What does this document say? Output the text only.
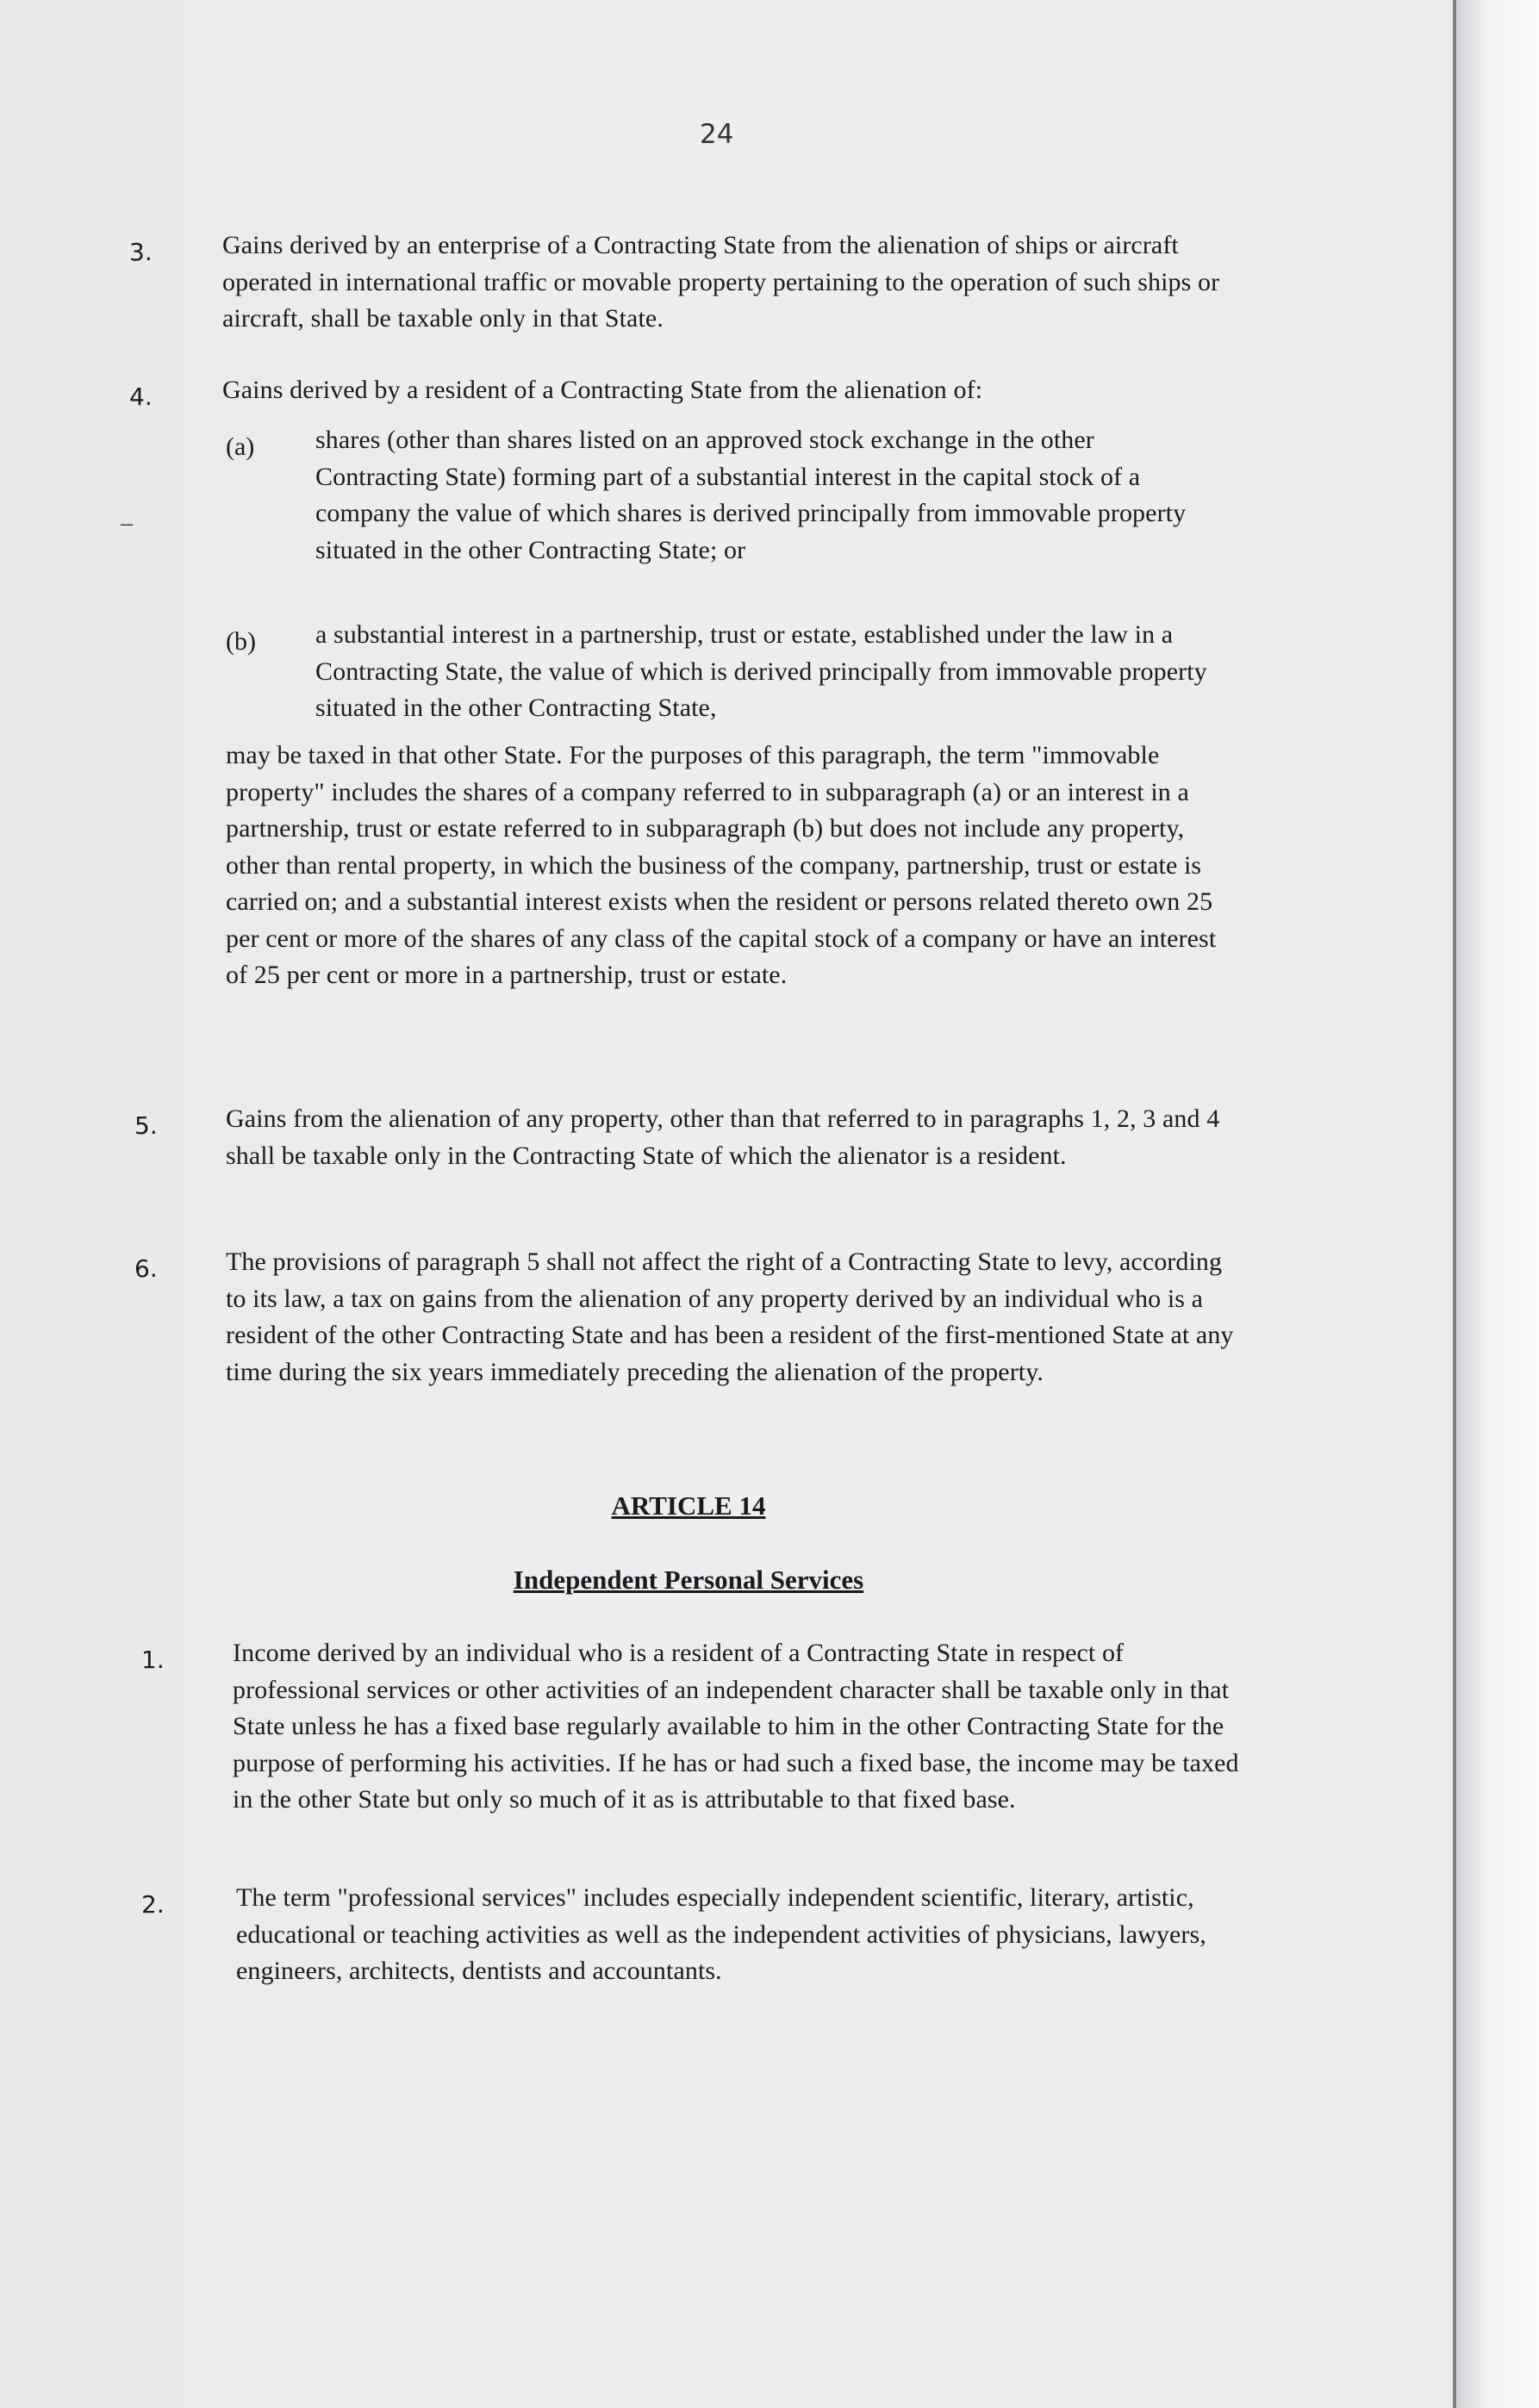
24
3.	Gains derived by an enterprise of a Contracting State from the alienation of ships or aircraft operated in international traffic or movable property pertaining to the operation of such ships or aircraft, shall be taxable only in that State.
4.	Gains derived by a resident of a Contracting State from the alienation of:
(a) shares (other than shares listed on an approved stock exchange in the other Contracting State) forming part of a substantial interest in the capital stock of a company the value of which shares is derived principally from immovable property situated in the other Contracting State; or
–
(b) a substantial interest in a partnership, trust or estate, established under the law in a Contracting State, the value of which is derived principally from immovable property situated in the other Contracting State,
may be taxed in that other State. For the purposes of this paragraph, the term "immovable property" includes the shares of a company referred to in subparagraph (a) or an interest in a partnership, trust or estate referred to in subparagraph (b) but does not include any property, other than rental property, in which the business of the company, partnership, trust or estate is carried on; and a substantial interest exists when the resident or persons related thereto own 25 per cent or more of the shares of any class of the capital stock of a company or have an interest of 25 per cent or more in a partnership, trust or estate.
5.	Gains from the alienation of any property, other than that referred to in paragraphs 1, 2, 3 and 4 shall be taxable only in the Contracting State of which the alienator is a resident.
6.	The provisions of paragraph 5 shall not affect the right of a Contracting State to levy, according to its law, a tax on gains from the alienation of any property derived by an individual who is a resident of the other Contracting State and has been a resident of the first-mentioned State at any time during the six years immediately preceding the alienation of the property.
ARTICLE 14
Independent Personal Services
1.	Income derived by an individual who is a resident of a Contracting State in respect of professional services or other activities of an independent character shall be taxable only in that State unless he has a fixed base regularly available to him in the other Contracting State for the purpose of performing his activities. If he has or had such a fixed base, the income may be taxed in the other State but only so much of it as is attributable to that fixed base.
2.	The term "professional services" includes especially independent scientific, literary, artistic, educational or teaching activities as well as the independent activities of physicians, lawyers, engineers, architects, dentists and accountants.
